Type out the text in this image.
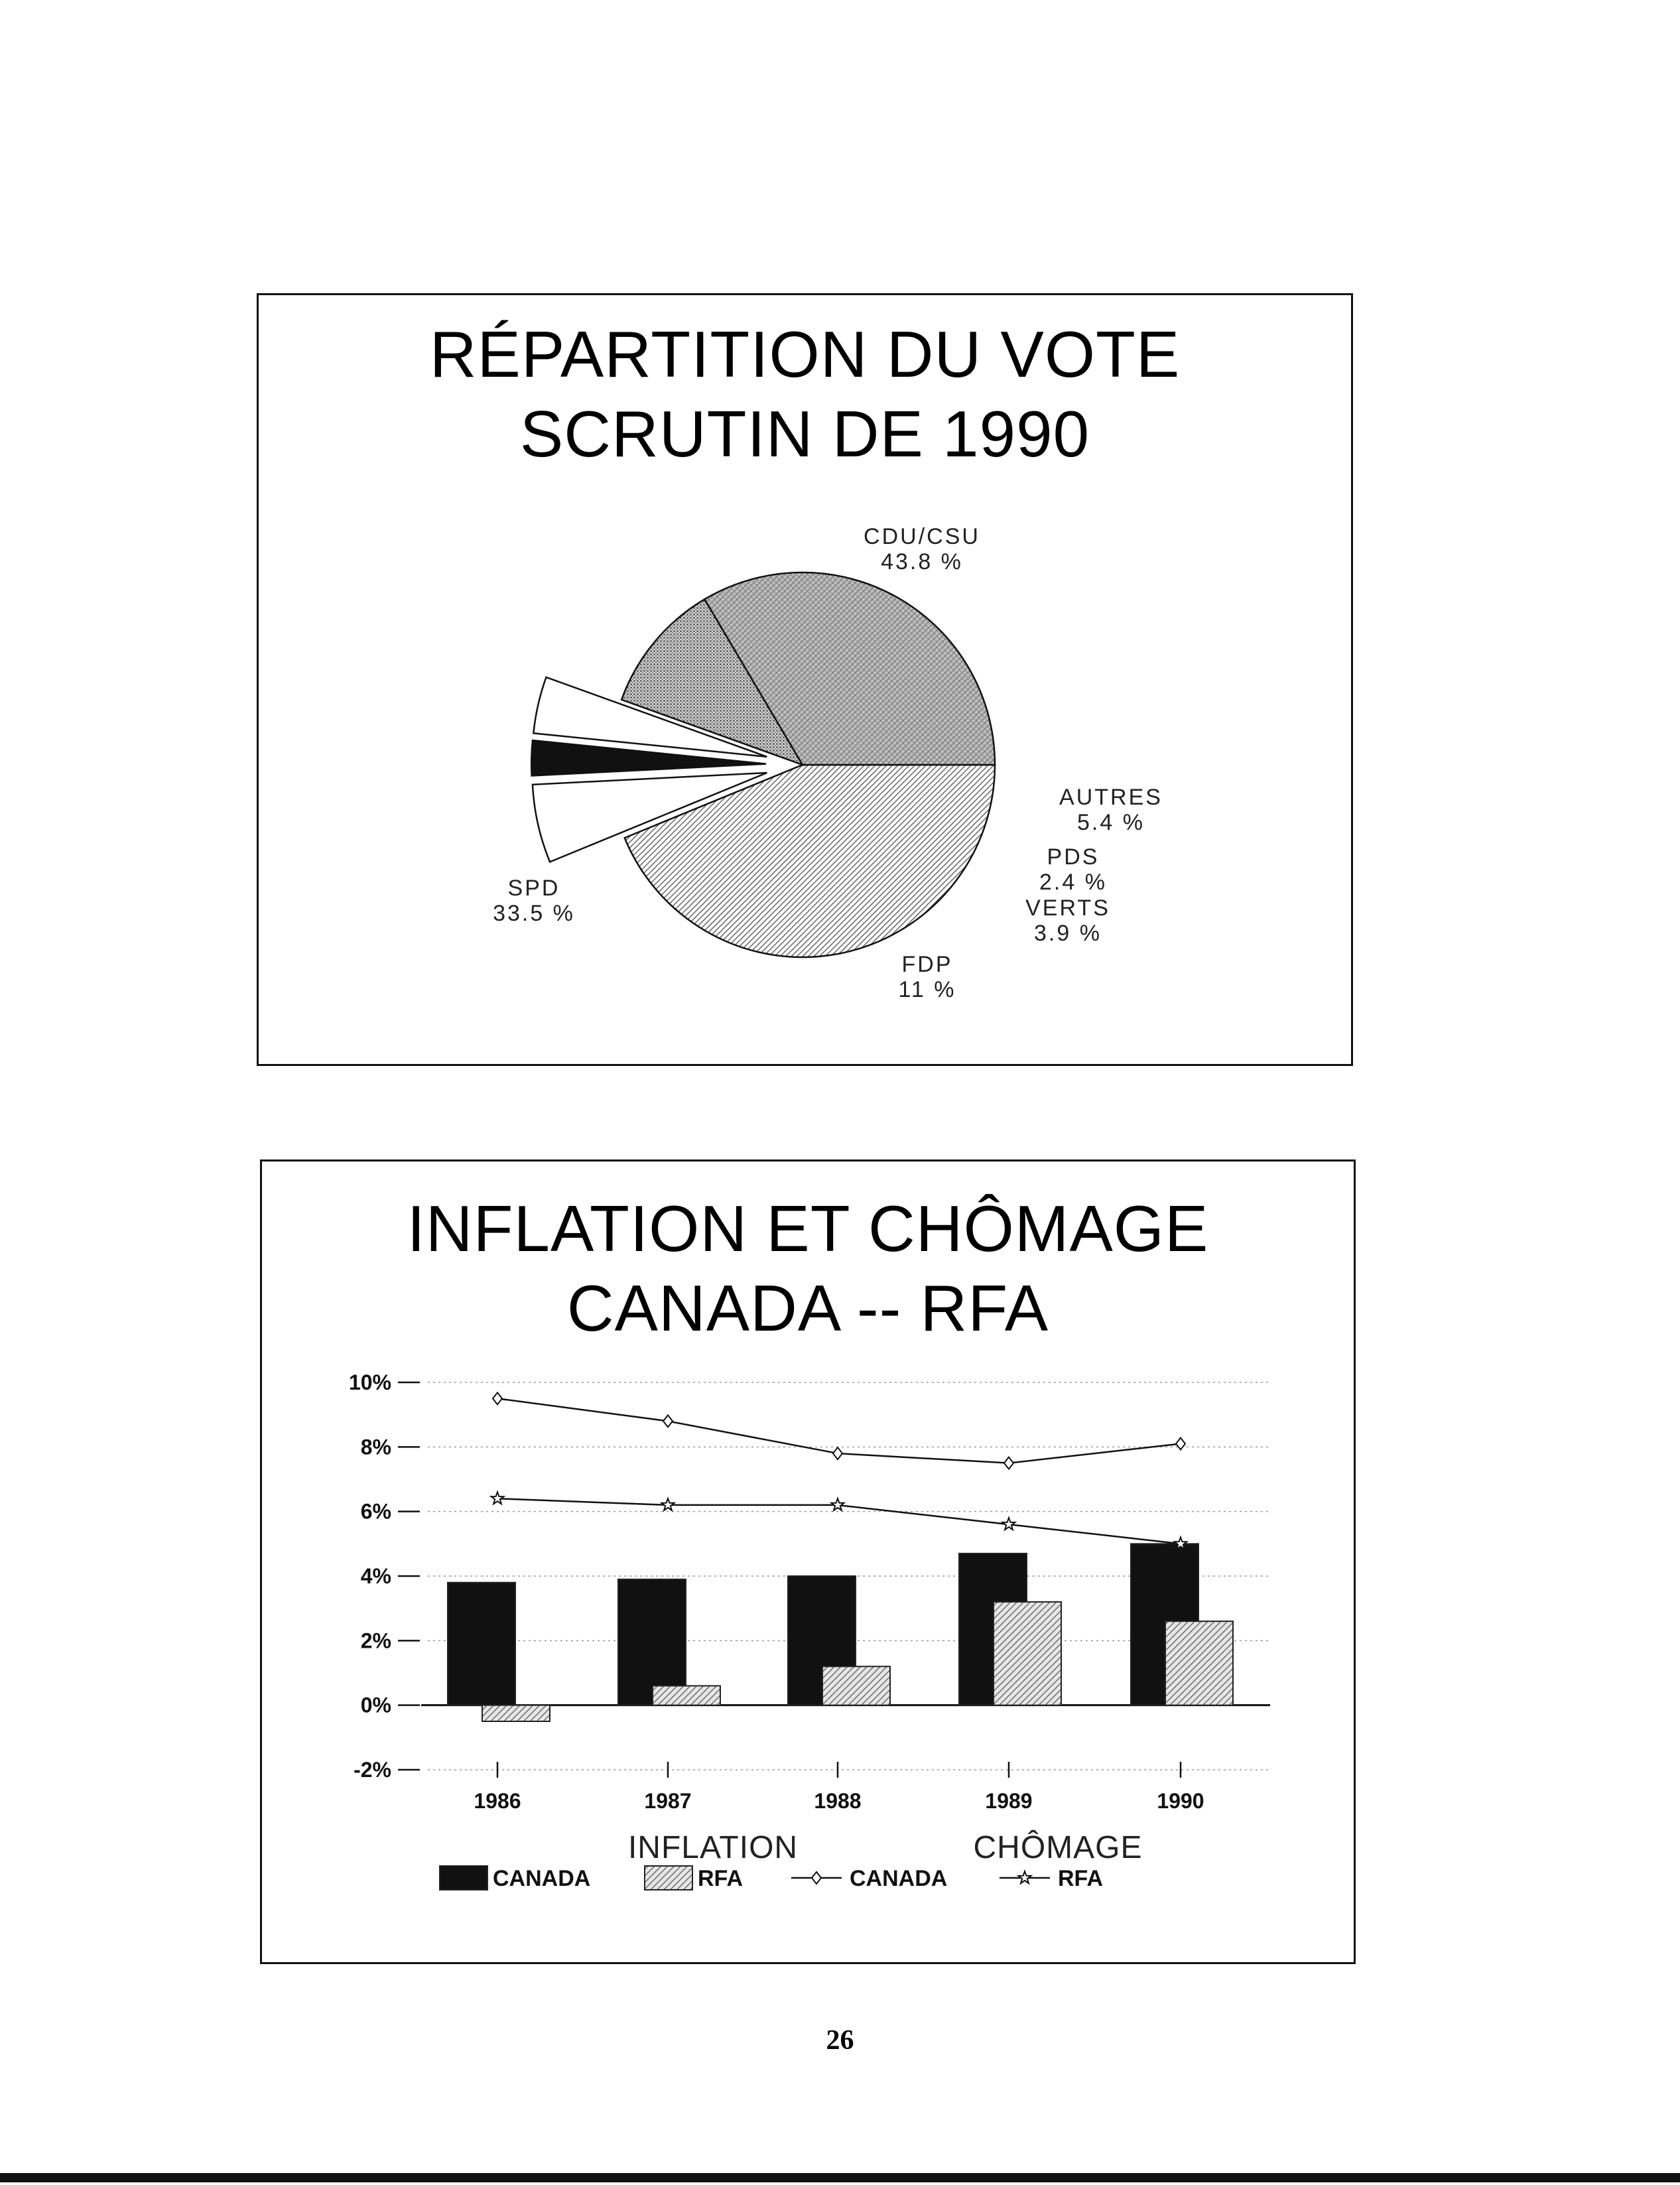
RÉPARTITION DU VOTE
SCRUTIN DE 1990
CDU/CSU
43.8 %
AUTRES
5.4 %
PDS
2.4 %
VERTS
3.9 %
FDP
11 %
SPD
33.5 %
INFLATION ET CHÔMAGE
CANADA -- RFA
10%
8%
6%
4%
2%
0%
-2%
1986	1987	1988	1989	1990
INFLATION	CHÔMAGE
CANADA	RFA	CANADA	RFA
26
